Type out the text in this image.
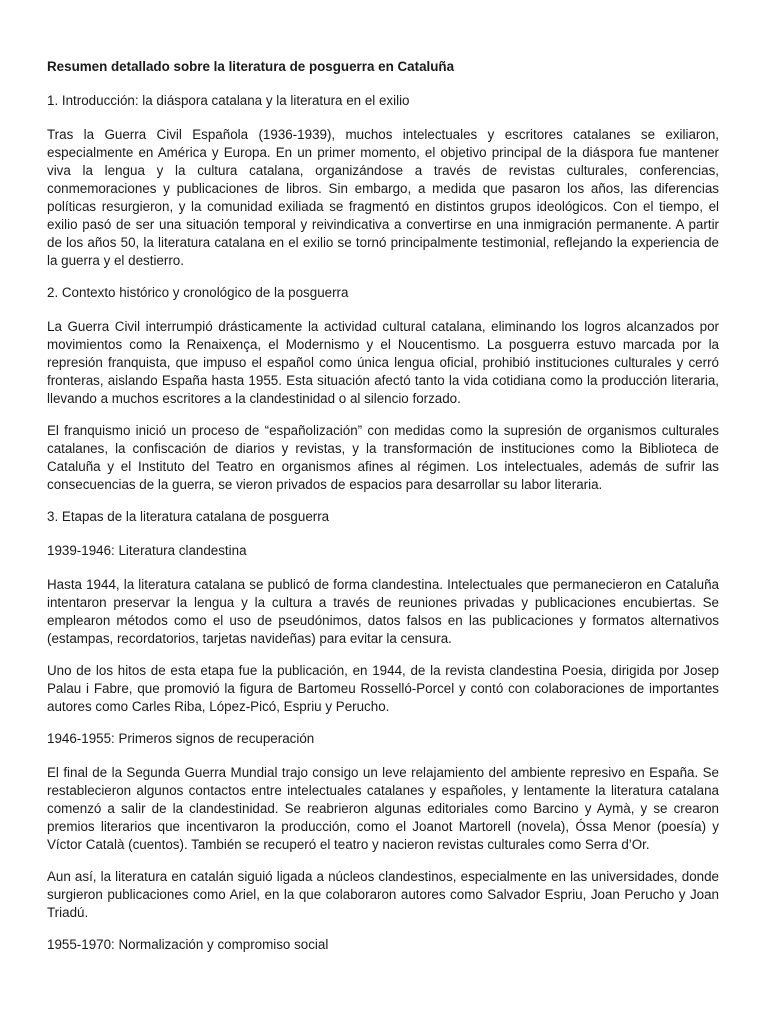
Resumen detallado sobre la literatura de posguerra en Cataluña

1. Introducción: la diáspora catalana y la literatura en el exilio

Tras la Guerra Civil Española (1936-1939), muchos intelectuales y escritores catalanes se exiliaron, especialmente en América y Europa. En un primer momento, el objetivo principal de la diáspora fue mantener viva la lengua y la cultura catalana, organizándose a través de revistas culturales, conferencias, conmemoraciones y publicaciones de libros. Sin embargo, a medida que pasaron los años, las diferencias políticas resurgieron, y la comunidad exiliada se fragmentó en distintos grupos ideológicos. Con el tiempo, el exilio pasó de ser una situación temporal y reivindicativa a convertirse en una inmigración permanente. A partir de los años 50, la literatura catalana en el exilio se tornó principalmente testimonial, reflejando la experiencia de la guerra y el destierro.

2. Contexto histórico y cronológico de la posguerra

La Guerra Civil interrumpió drásticamente la actividad cultural catalana, eliminando los logros alcanzados por movimientos como la Renaixença, el Modernismo y el Noucentismo. La posguerra estuvo marcada por la represión franquista, que impuso el español como única lengua oficial, prohibió instituciones culturales y cerró fronteras, aislando España hasta 1955. Esta situación afectó tanto la vida cotidiana como la producción literaria, llevando a muchos escritores a la clandestinidad o al silencio forzado.

El franquismo inició un proceso de “españolización” con medidas como la supresión de organismos culturales catalanes, la confiscación de diarios y revistas, y la transformación de instituciones como la Biblioteca de Cataluña y el Instituto del Teatro en organismos afines al régimen. Los intelectuales, además de sufrir las consecuencias de la guerra, se vieron privados de espacios para desarrollar su labor literaria.

3. Etapas de la literatura catalana de posguerra

1939-1946: Literatura clandestina

Hasta 1944, la literatura catalana se publicó de forma clandestina. Intelectuales que permanecieron en Cataluña intentaron preservar la lengua y la cultura a través de reuniones privadas y publicaciones encubiertas. Se emplearon métodos como el uso de pseudónimos, datos falsos en las publicaciones y formatos alternativos (estampas, recordatorios, tarjetas navideñas) para evitar la censura.

Uno de los hitos de esta etapa fue la publicación, en 1944, de la revista clandestina Poesia, dirigida por Josep Palau i Fabre, que promovió la figura de Bartomeu Rosselló-Porcel y contó con colaboraciones de importantes autores como Carles Riba, López-Picó, Espriu y Perucho.

1946-1955: Primeros signos de recuperación

El final de la Segunda Guerra Mundial trajo consigo un leve relajamiento del ambiente represivo en España. Se restablecieron algunos contactos entre intelectuales catalanes y españoles, y lentamente la literatura catalana comenzó a salir de la clandestinidad. Se reabrieron algunas editoriales como Barcino y Aymà, y se crearon premios literarios que incentivaron la producción, como el Joanot Martorell (novela), Óssa Menor (poesía) y Víctor Català (cuentos). También se recuperó el teatro y nacieron revistas culturales como Serra d’Or.

Aun así, la literatura en catalán siguió ligada a núcleos clandestinos, especialmente en las universidades, donde surgieron publicaciones como Ariel, en la que colaboraron autores como Salvador Espriu, Joan Perucho y Joan Triadú.

1955-1970: Normalización y compromiso social
